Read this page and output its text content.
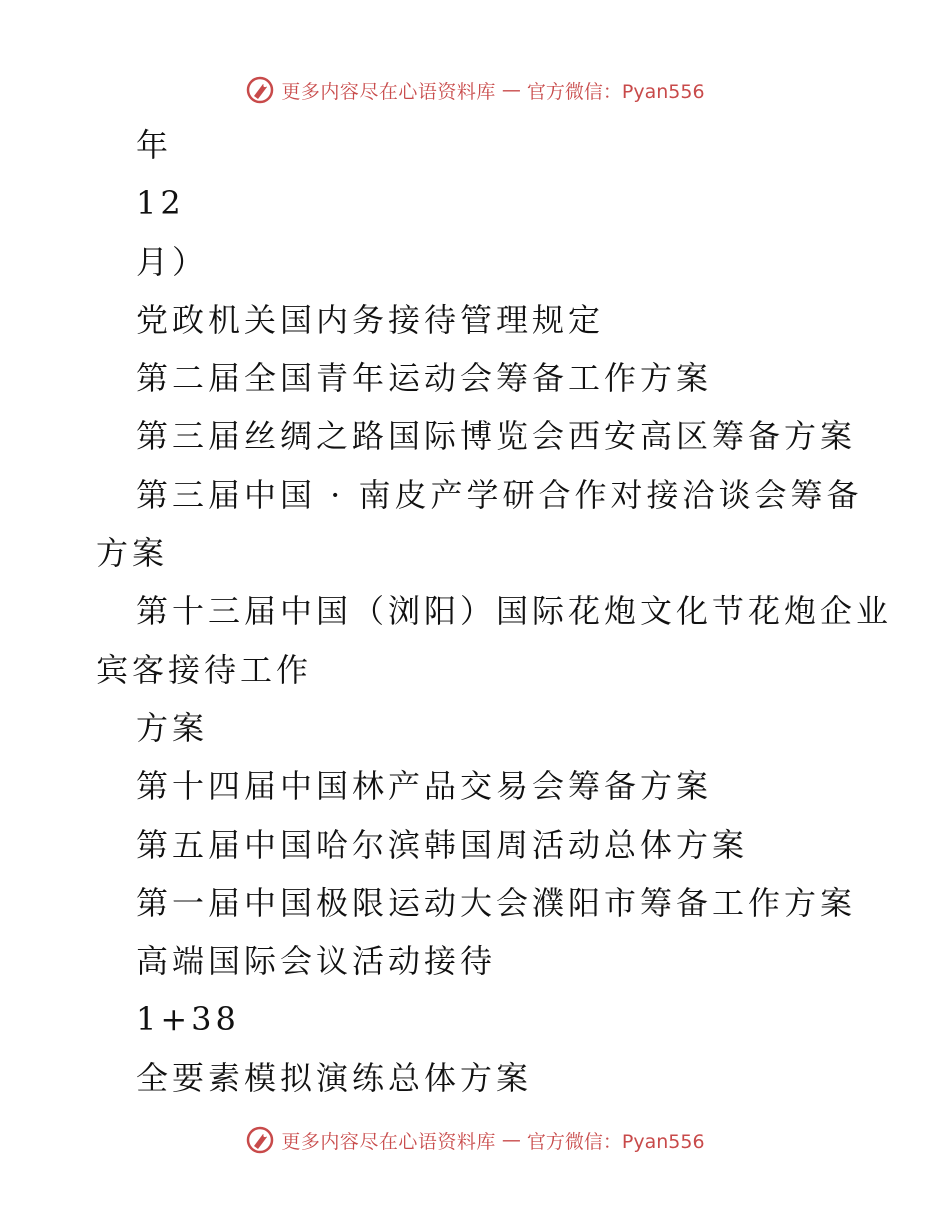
更多内容尽在心语资料库 — 官方微信：Pyan556

年

12

月）

党政机关国内务接待管理规定

第二届全国青年运动会筹备工作方案

第三届丝绸之路国际博览会西安高区筹备方案

第三届中国 · 南皮产学研合作对接洽谈会筹备

方案

第十三届中国（浏阳）国际花炮文化节花炮企业

宾客接待工作

方案

第十四届中国林产品交易会筹备方案

第五届中国哈尔滨韩国周活动总体方案

第一届中国极限运动大会濮阳市筹备工作方案

高端国际会议活动接待

1+38

全要素模拟演练总体方案

更多内容尽在心语资料库 — 官方微信：Pyan556
